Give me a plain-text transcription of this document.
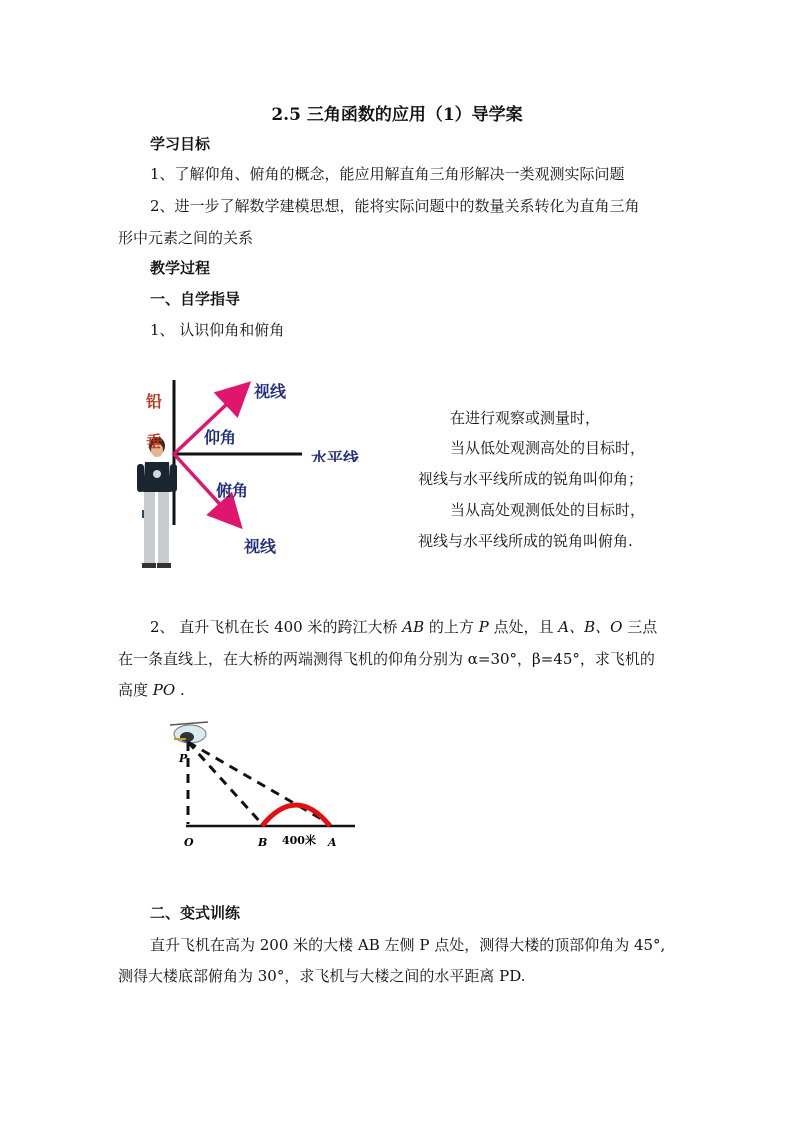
2.5 三角函数的应用（1）导学案
学习目标
1、了解仰角、俯角的概念，能应用解直角三角形解决一类观测实际问题
2、进一步了解数学建模思想，能将实际问题中的数量关系转化为直角三角
形中元素之间的关系
教学过程
一、自学指导
1、 认识仰角和俯角
铅
垂
视线
仰角
俯角
视线
水平线
在进行观察或测量时，
当从低处观测高处的目标时，
视线与水平线所成的锐角叫仰角；
当从高处观测低处的目标时，
视线与水平线所成的锐角叫俯角.
2、 直升飞机在长 400 米的跨江大桥 AB 的上方 P 点处，且 A、B、O 三点
在一条直线上，在大桥的两端测得飞机的仰角分别为 α=30°，β=45°，求飞机的
高度 PO .
P
O	B	A
400米
二、变式训练
直升飞机在高为 200 米的大楼 AB 左侧 P 点处，测得大楼的顶部仰角为 45°,
测得大楼底部俯角为 30°，求飞机与大楼之间的水平距离 PD.
